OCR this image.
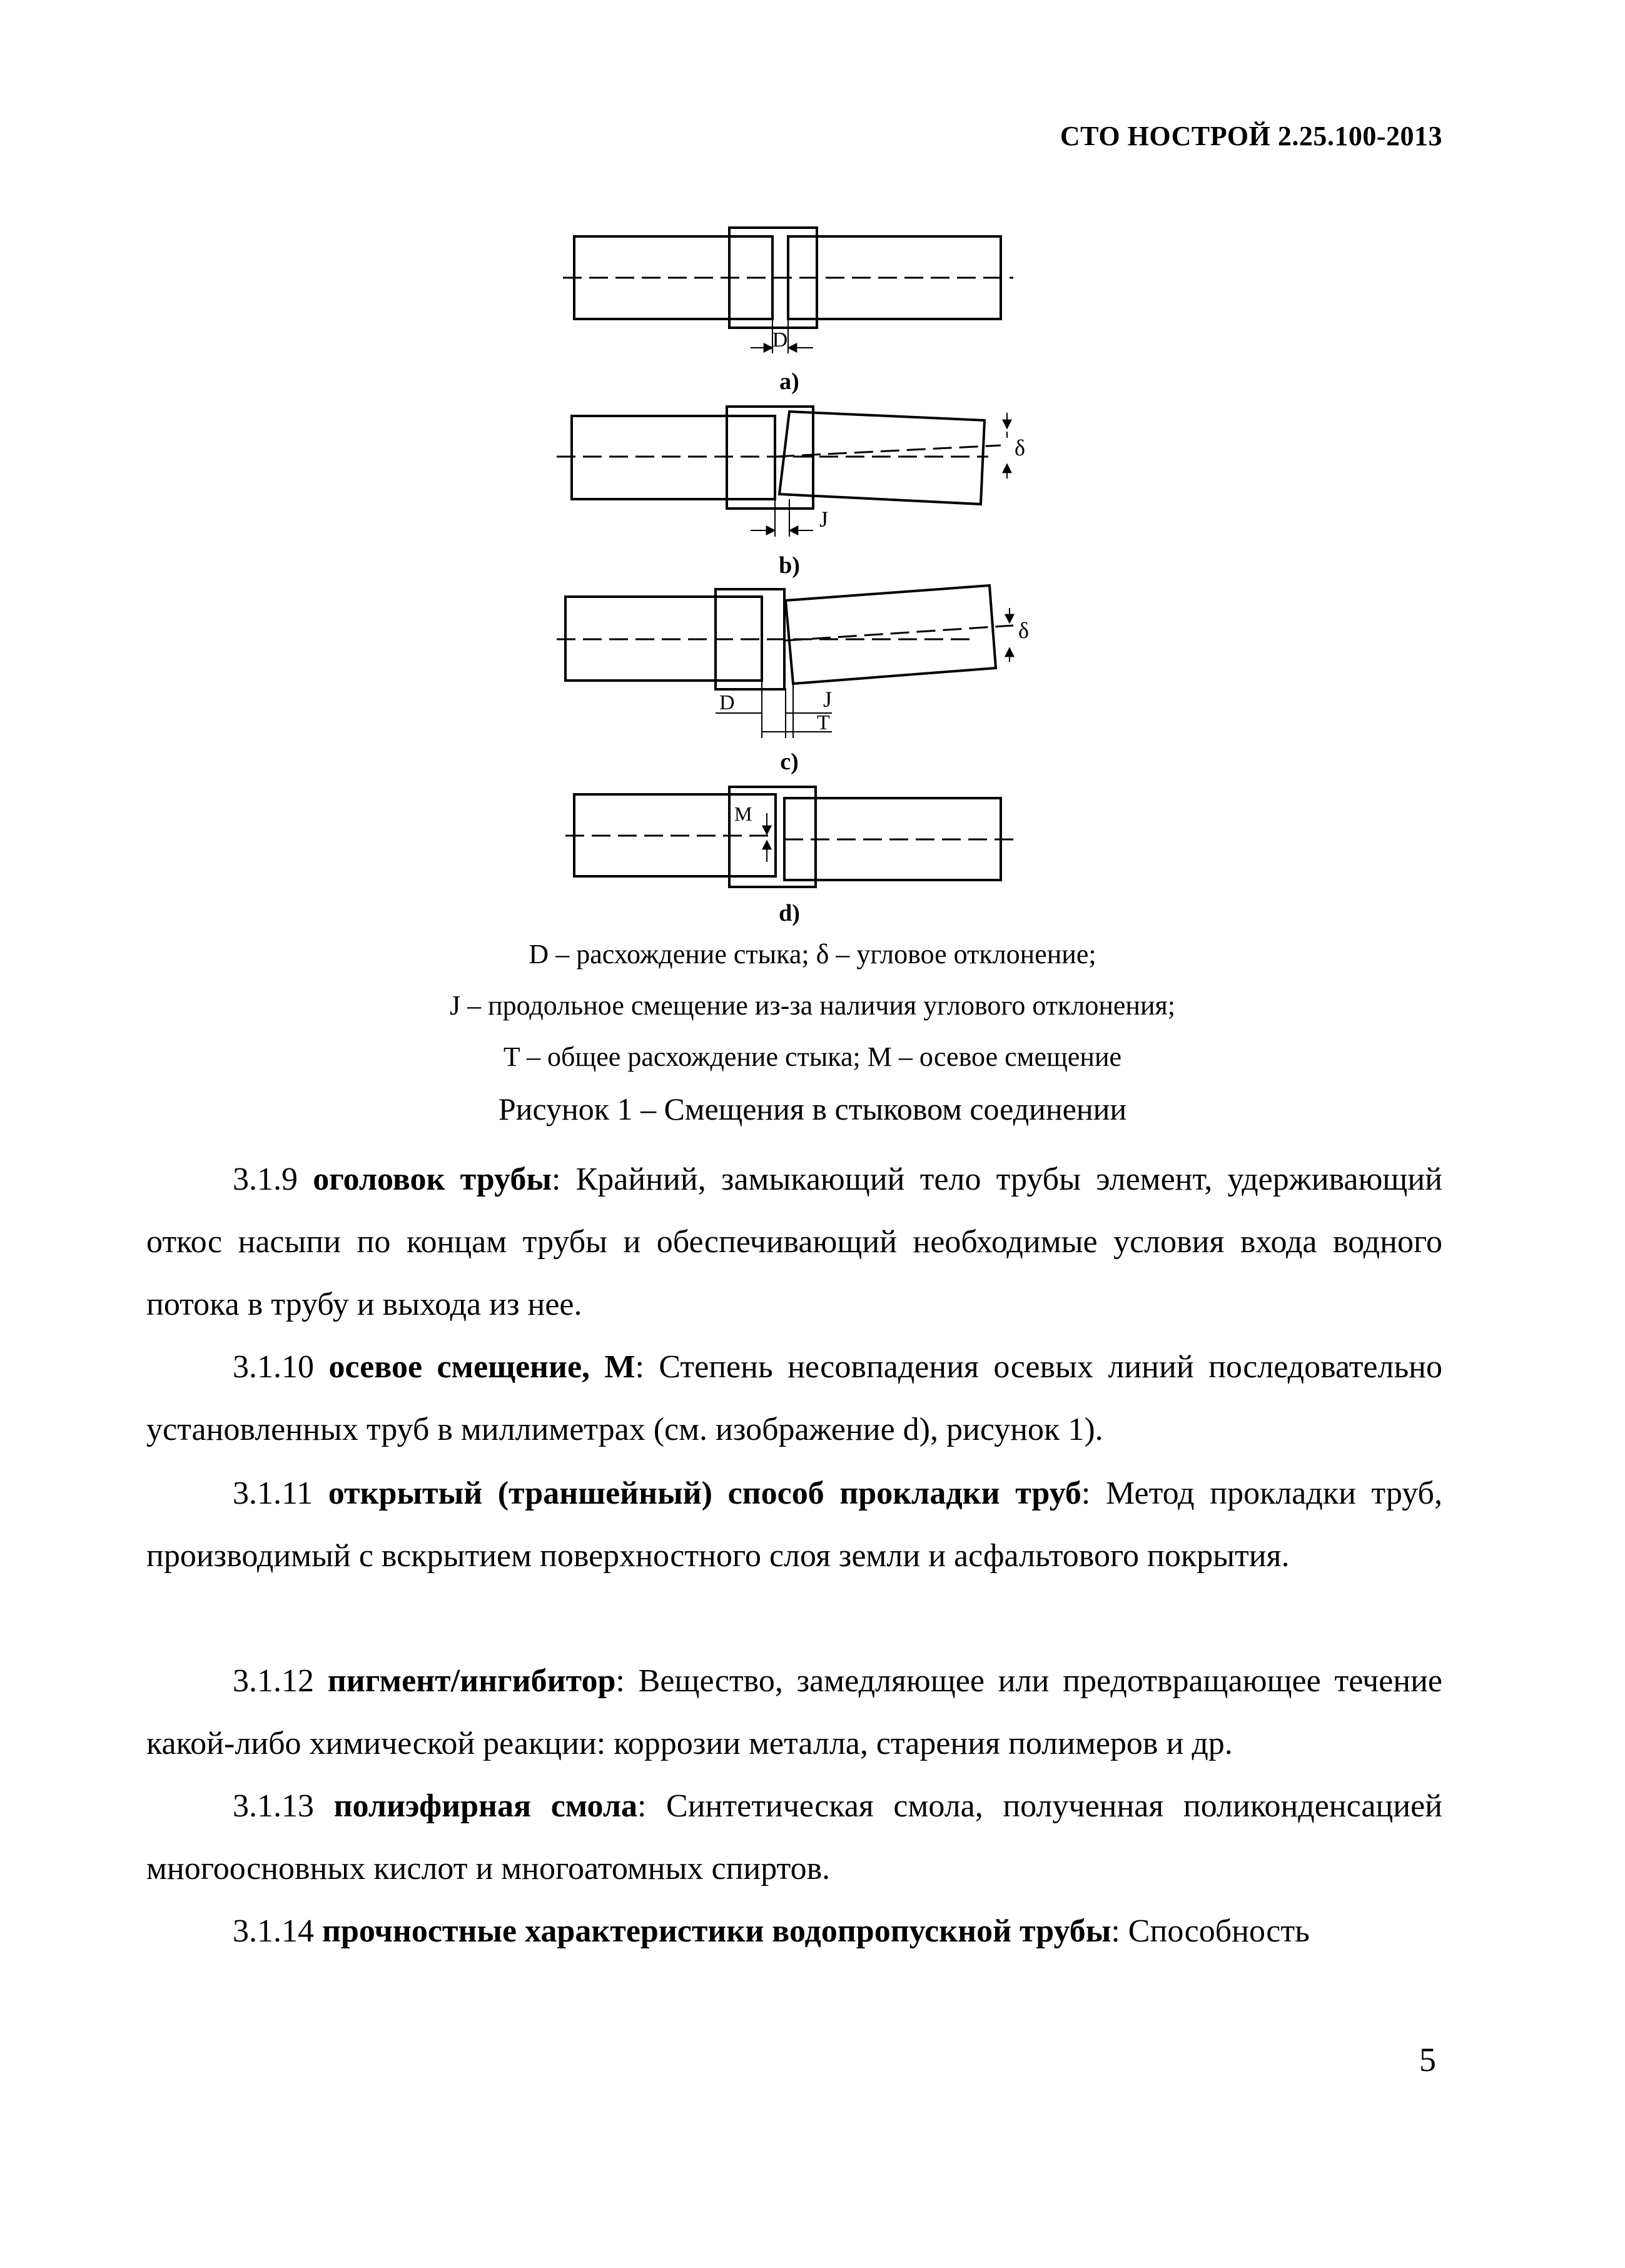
СТО НОСТРОЙ 2.25.100-2013
D
a)
δ
J
b)
δ
D	J
T
c)
M
d)
D – расхождение стыка; δ – угловое отклонение;
J – продольное смещение из-за наличия углового отклонения;
T – общее расхождение стыка; M – осевое смещение
Рисунок 1 – Смещения в стыковом соединении
3.1.9 оголовок трубы: Крайний, замыкающий тело трубы элемент, удерживающий откос насыпи по концам трубы и обеспечивающий необходимые условия входа водного потока в трубу и выхода из нее.
3.1.10 осевое смещение, М: Степень несовпадения осевых линий последовательно установленных труб в миллиметрах (см. изображение d), рисунок 1).
3.1.11 открытый (траншейный) способ прокладки труб: Метод прокладки труб, производимый с вскрытием поверхностного слоя земли и асфальтового покрытия.
3.1.12 пигмент/ингибитор: Вещество, замедляющее или предотвращающее течение какой-либо химической реакции: коррозии металла, старения полимеров и др.
3.1.13 полиэфирная смола: Синтетическая смола, полученная поликонденсацией многоосновных кислот и многоатомных спиртов.
3.1.14 прочностные характеристики водопропускной трубы: Способность
5
